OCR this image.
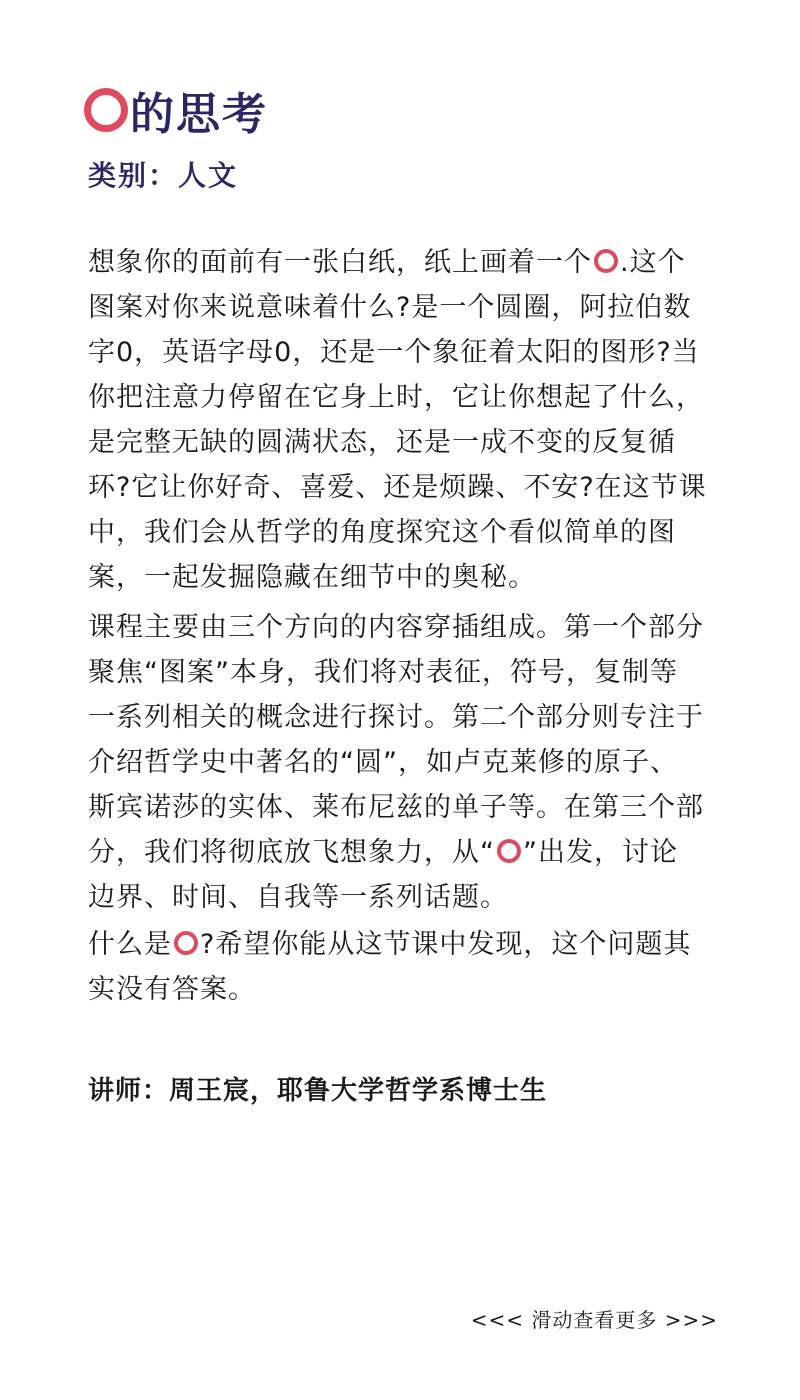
的思考
类别：人文
想象你的面前有一张白纸，纸上画着一个 .这个
图案对你来说意味着什么?是一个圆圈，阿拉伯数
字0，英语字母0，还是一个象征着太阳的图形?当
你把注意力停留在它身上时，它让你想起了什么，
是完整无缺的圆满状态，还是一成不变的反复循
环?它让你好奇、喜爱、还是烦躁、不安?在这节课
中，我们会从哲学的角度探究这个看似简单的图
案，一起发掘隐藏在细节中的奥秘。
课程主要由三个方向的内容穿插组成。第一个部分
聚焦“图案”本身，我们将对表征，符号，复制等
一系列相关的概念进行探讨。第二个部分则专注于
介绍哲学史中著名的“圆”，如卢克莱修的原子、
斯宾诺莎的实体、莱布尼兹的单子等。在第三个部
分，我们将彻底放飞想象力，从“ ”出发，讨论
边界、时间、自我等一系列话题。
什么是 ?希望你能从这节课中发现，这个问题其
实没有答案。
讲师：周王宸，耶鲁大学哲学系博士生
<<< 滑动查看更多 >>>
